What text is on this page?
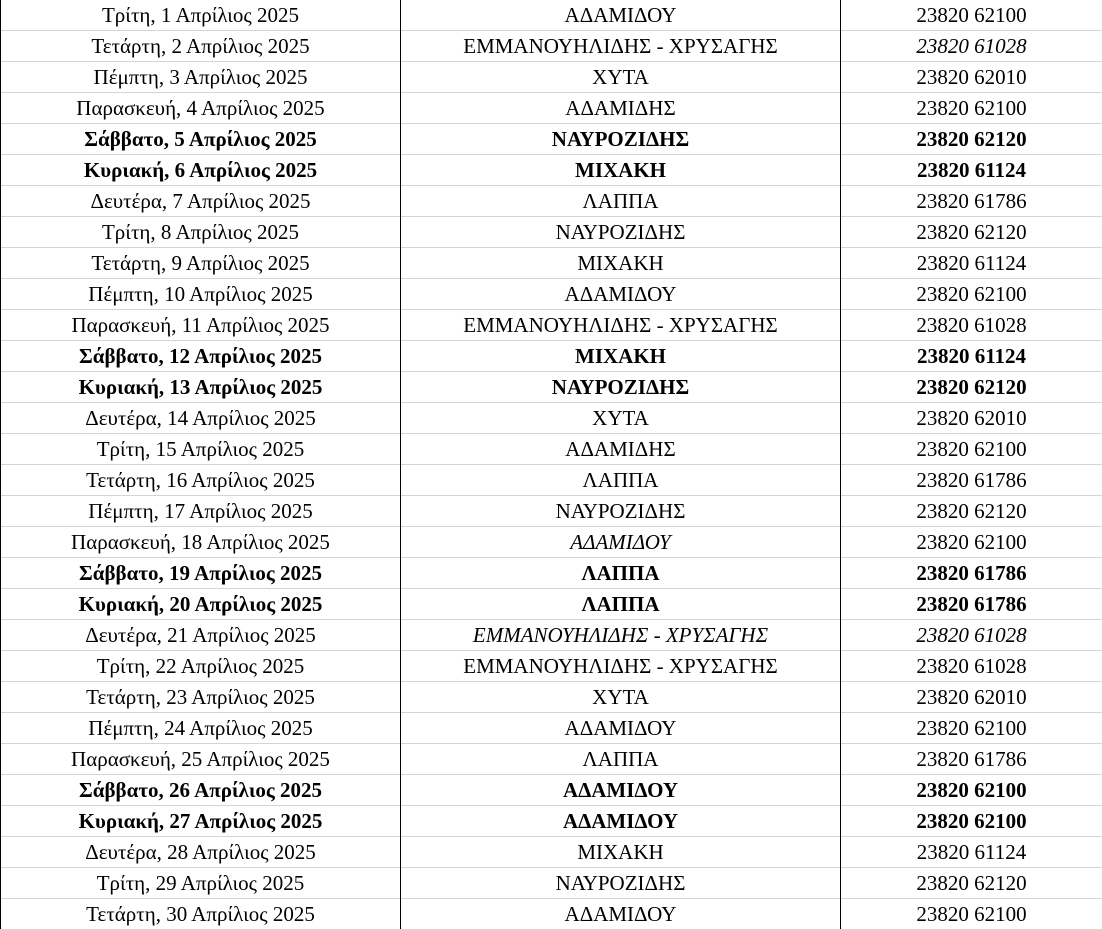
Τρίτη, 1 Απρίλιος 2025	ΑΔΑΜΙΔΟΥ	23820 62100
Τετάρτη, 2 Απρίλιος 2025	ΕΜΜΑΝΟΥΗΛΙΔΗΣ - ΧΡΥΣΑΓΗΣ	23820 61028
Πέμπτη, 3 Απρίλιος 2025	ΧΥΤΑ	23820 62010
Παρασκευή, 4 Απρίλιος 2025	ΑΔΑΜΙΔΗΣ	23820 62100
Σάββατο, 5 Απρίλιος 2025	ΝΑΥΡΟΖΙΔΗΣ	23820 62120
Κυριακή, 6 Απρίλιος 2025	ΜΙΧΑΚΗ	23820 61124
Δευτέρα, 7 Απρίλιος 2025	ΛΑΠΠΑ	23820 61786
Τρίτη, 8 Απρίλιος 2025	ΝΑΥΡΟΖΙΔΗΣ	23820 62120
Τετάρτη, 9 Απρίλιος 2025	ΜΙΧΑΚΗ	23820 61124
Πέμπτη, 10 Απρίλιος 2025	ΑΔΑΜΙΔΟΥ	23820 62100
Παρασκευή, 11 Απρίλιος 2025	ΕΜΜΑΝΟΥΗΛΙΔΗΣ - ΧΡΥΣΑΓΗΣ	23820 61028
Σάββατο, 12 Απρίλιος 2025	ΜΙΧΑΚΗ	23820 61124
Κυριακή, 13 Απρίλιος 2025	ΝΑΥΡΟΖΙΔΗΣ	23820 62120
Δευτέρα, 14 Απρίλιος 2025	ΧΥΤΑ	23820 62010
Τρίτη, 15 Απρίλιος 2025	ΑΔΑΜΙΔΗΣ	23820 62100
Τετάρτη, 16 Απρίλιος 2025	ΛΑΠΠΑ	23820 61786
Πέμπτη, 17 Απρίλιος 2025	ΝΑΥΡΟΖΙΔΗΣ	23820 62120
Παρασκευή, 18 Απρίλιος 2025	ΑΔΑΜΙΔΟΥ	23820 62100
Σάββατο, 19 Απρίλιος 2025	ΛΑΠΠΑ	23820 61786
Κυριακή, 20 Απρίλιος 2025	ΛΑΠΠΑ	23820 61786
Δευτέρα, 21 Απρίλιος 2025	ΕΜΜΑΝΟΥΗΛΙΔΗΣ - ΧΡΥΣΑΓΗΣ	23820 61028
Τρίτη, 22 Απρίλιος 2025	ΕΜΜΑΝΟΥΗΛΙΔΗΣ - ΧΡΥΣΑΓΗΣ	23820 61028
Τετάρτη, 23 Απρίλιος 2025	ΧΥΤΑ	23820 62010
Πέμπτη, 24 Απρίλιος 2025	ΑΔΑΜΙΔΟΥ	23820 62100
Παρασκευή, 25 Απρίλιος 2025	ΛΑΠΠΑ	23820 61786
Σάββατο, 26 Απρίλιος 2025	ΑΔΑΜΙΔΟΥ	23820 62100
Κυριακή, 27 Απρίλιος 2025	ΑΔΑΜΙΔΟΥ	23820 62100
Δευτέρα, 28 Απρίλιος 2025	ΜΙΧΑΚΗ	23820 61124
Τρίτη, 29 Απρίλιος 2025	ΝΑΥΡΟΖΙΔΗΣ	23820 62120
Τετάρτη, 30 Απρίλιος 2025	ΑΔΑΜΙΔΟΥ	23820 62100
